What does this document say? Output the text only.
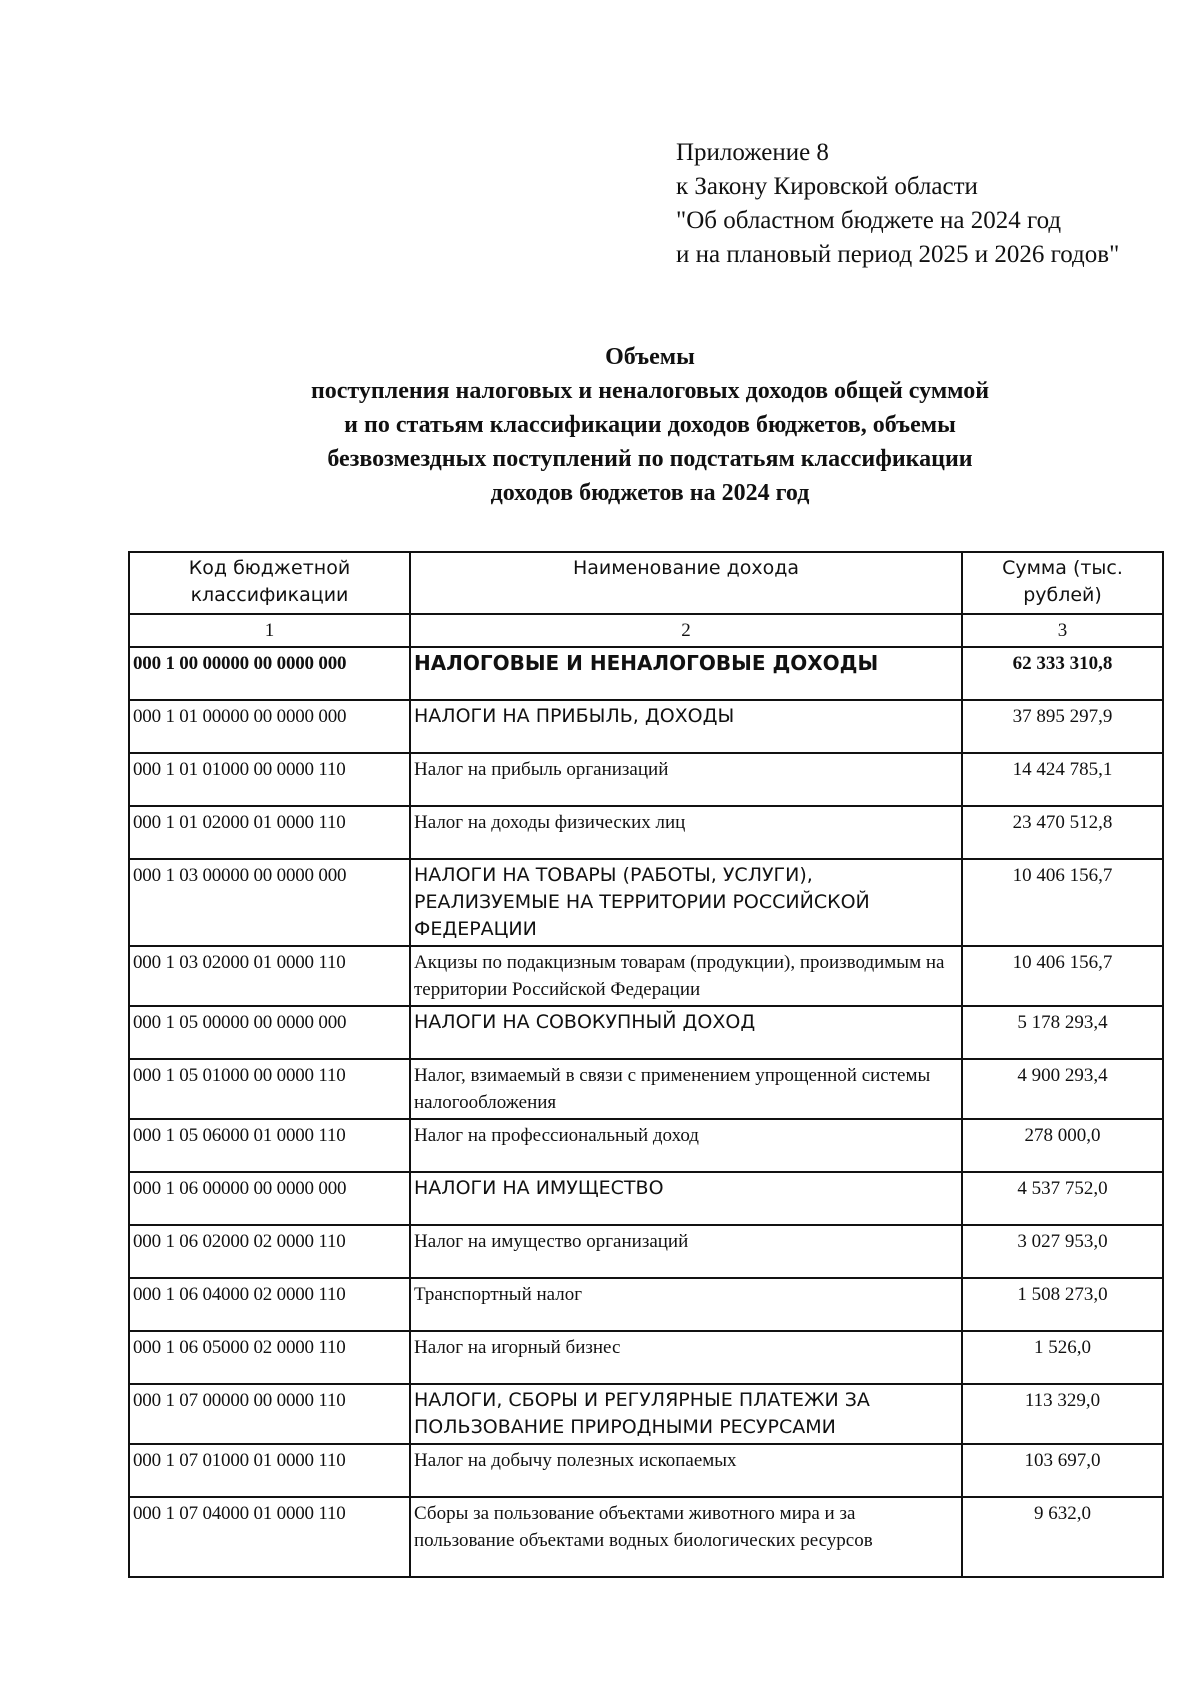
Приложение 8
к Закону Кировской области
"Об областном бюджете на 2024 год
и на плановый период 2025 и 2026 годов"
Объемы
поступления налоговых и неналоговых доходов общей суммой
и по статьям классификации доходов бюджетов, объемы
безвозмездных поступлений по подстатьям классификации
доходов бюджетов на 2024 год
Код бюджетной классификации	Наименование дохода	Сумма (тыс. рублей)
1	2	3
000 1 00 00000 00 0000 000	НАЛОГОВЫЕ И НЕНАЛОГОВЫЕ ДОХОДЫ	62 333 310,8
000 1 01 00000 00 0000 000	НАЛОГИ НА ПРИБЫЛЬ, ДОХОДЫ	37 895 297,9
000 1 01 01000 00 0000 110	Налог на прибыль организаций	14 424 785,1
000 1 01 02000 01 0000 110	Налог на доходы физических лиц	23 470 512,8
000 1 03 00000 00 0000 000	НАЛОГИ НА ТОВАРЫ (РАБОТЫ, УСЛУГИ), РЕАЛИЗУЕМЫЕ НА ТЕРРИТОРИИ РОССИЙСКОЙ ФЕДЕРАЦИИ	10 406 156,7
000 1 03 02000 01 0000 110	Акцизы по подакцизным товарам (продукции), производимым на территории Российской Федерации	10 406 156,7
000 1 05 00000 00 0000 000	НАЛОГИ НА СОВОКУПНЫЙ ДОХОД	5 178 293,4
000 1 05 01000 00 0000 110	Налог, взимаемый в связи с применением упрощенной системы налогообложения	4 900 293,4
000 1 05 06000 01 0000 110	Налог на профессиональный доход	278 000,0
000 1 06 00000 00 0000 000	НАЛОГИ НА ИМУЩЕСТВО	4 537 752,0
000 1 06 02000 02 0000 110	Налог на имущество организаций	3 027 953,0
000 1 06 04000 02 0000 110	Транспортный налог	1 508 273,0
000 1 06 05000 02 0000 110	Налог на игорный бизнес	1 526,0
000 1 07 00000 00 0000 110	НАЛОГИ, СБОРЫ И РЕГУЛЯРНЫЕ ПЛАТЕЖИ ЗА ПОЛЬЗОВАНИЕ ПРИРОДНЫМИ РЕСУРСАМИ	113 329,0
000 1 07 01000 01 0000 110	Налог на добычу полезных ископаемых	103 697,0
000 1 07 04000 01 0000 110	Сборы за пользование объектами животного мира и за пользование объектами водных биологических ресурсов	9 632,0
